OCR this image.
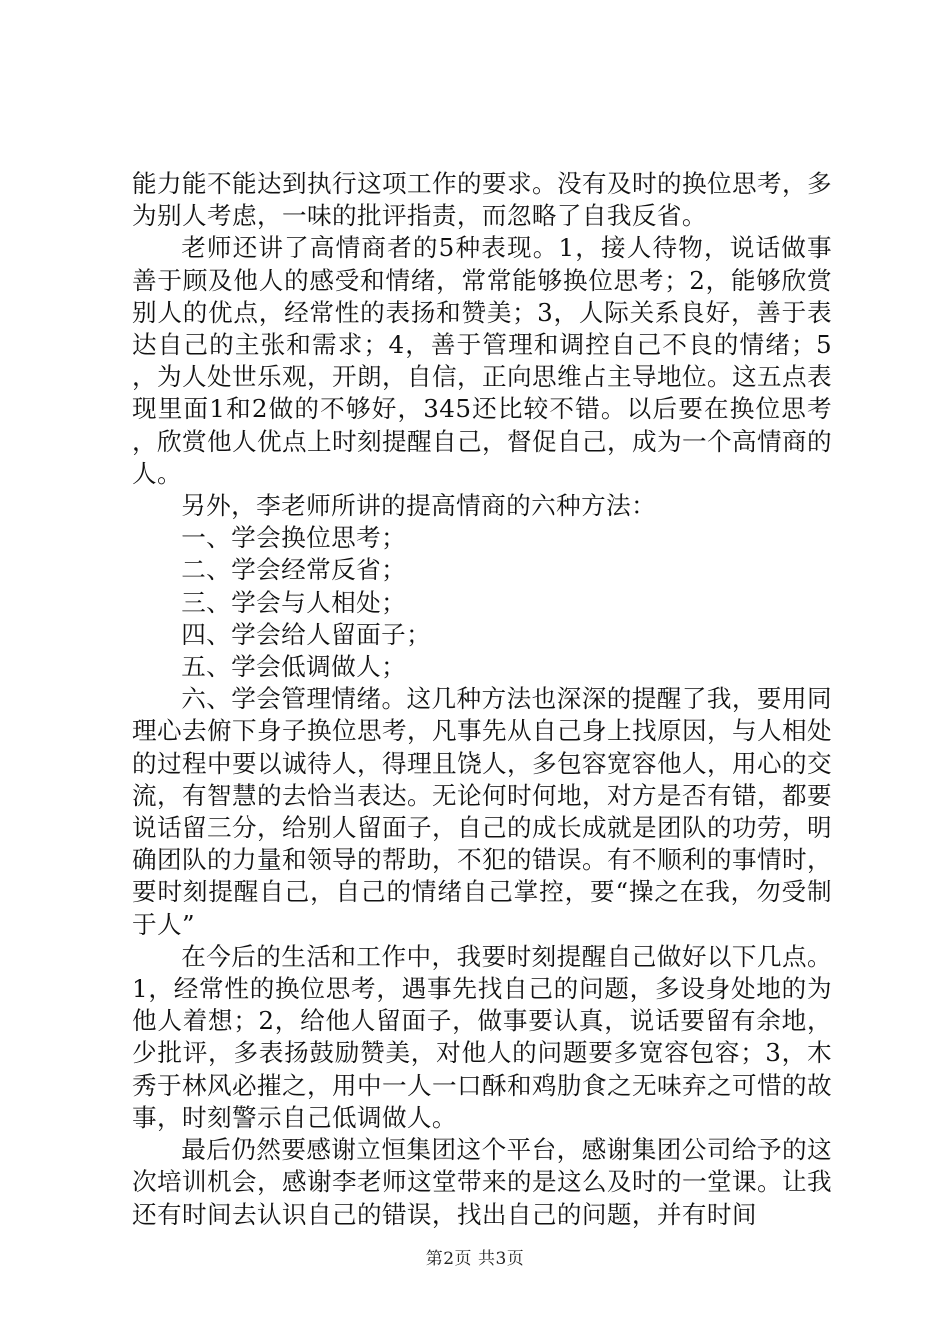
能力能不能达到执行这项工作的要求。没有及时的换位思考，多为别人考虑，一味的批评指责，而忽略了自我反省。

老师还讲了高情商者的5种表现。1，接人待物，说话做事善于顾及他人的感受和情绪，常常能够换位思考；2，能够欣赏别人的优点，经常性的表扬和赞美；3，人际关系良好，善于表达自己的主张和需求；4，善于管理和调控自己不良的情绪；5，为人处世乐观，开朗，自信，正向思维占主导地位。这五点表现里面1和2做的不够好，345还比较不错。以后要在换位思考，欣赏他人优点上时刻提醒自己，督促自己，成为一个高情商的人。

另外，李老师所讲的提高情商的六种方法：

一、学会换位思考；

二、学会经常反省；

三、学会与人相处；

四、学会给人留面子；

五、学会低调做人；

六、学会管理情绪。这几种方法也深深的提醒了我，要用同理心去俯下身子换位思考，凡事先从自己身上找原因，与人相处的过程中要以诚待人，得理且饶人，多包容宽容他人，用心的交流，有智慧的去恰当表达。无论何时何地，对方是否有错，都要说话留三分，给别人留面子，自己的成长成就是团队的功劳，明确团队的力量和领导的帮助，不犯的错误。有不顺利的事情时，要时刻提醒自己，自己的情绪自己掌控，要“操之在我，勿受制于人”

在今后的生活和工作中，我要时刻提醒自己做好以下几点。1，经常性的换位思考，遇事先找自己的问题，多设身处地的为他人着想；2，给他人留面子，做事要认真，说话要留有余地，少批评，多表扬鼓励赞美，对他人的问题要多宽容包容；3，木秀于林风必摧之，用中一人一口酥和鸡肋食之无味弃之可惜的故事，时刻警示自己低调做人。

最后仍然要感谢立恒集团这个平台，感谢集团公司给予的这次培训机会，感谢李老师这堂带来的是这么及时的一堂课。让我还有时间去认识自己的错误，找出自己的问题，并有时间

第2页 共3页
